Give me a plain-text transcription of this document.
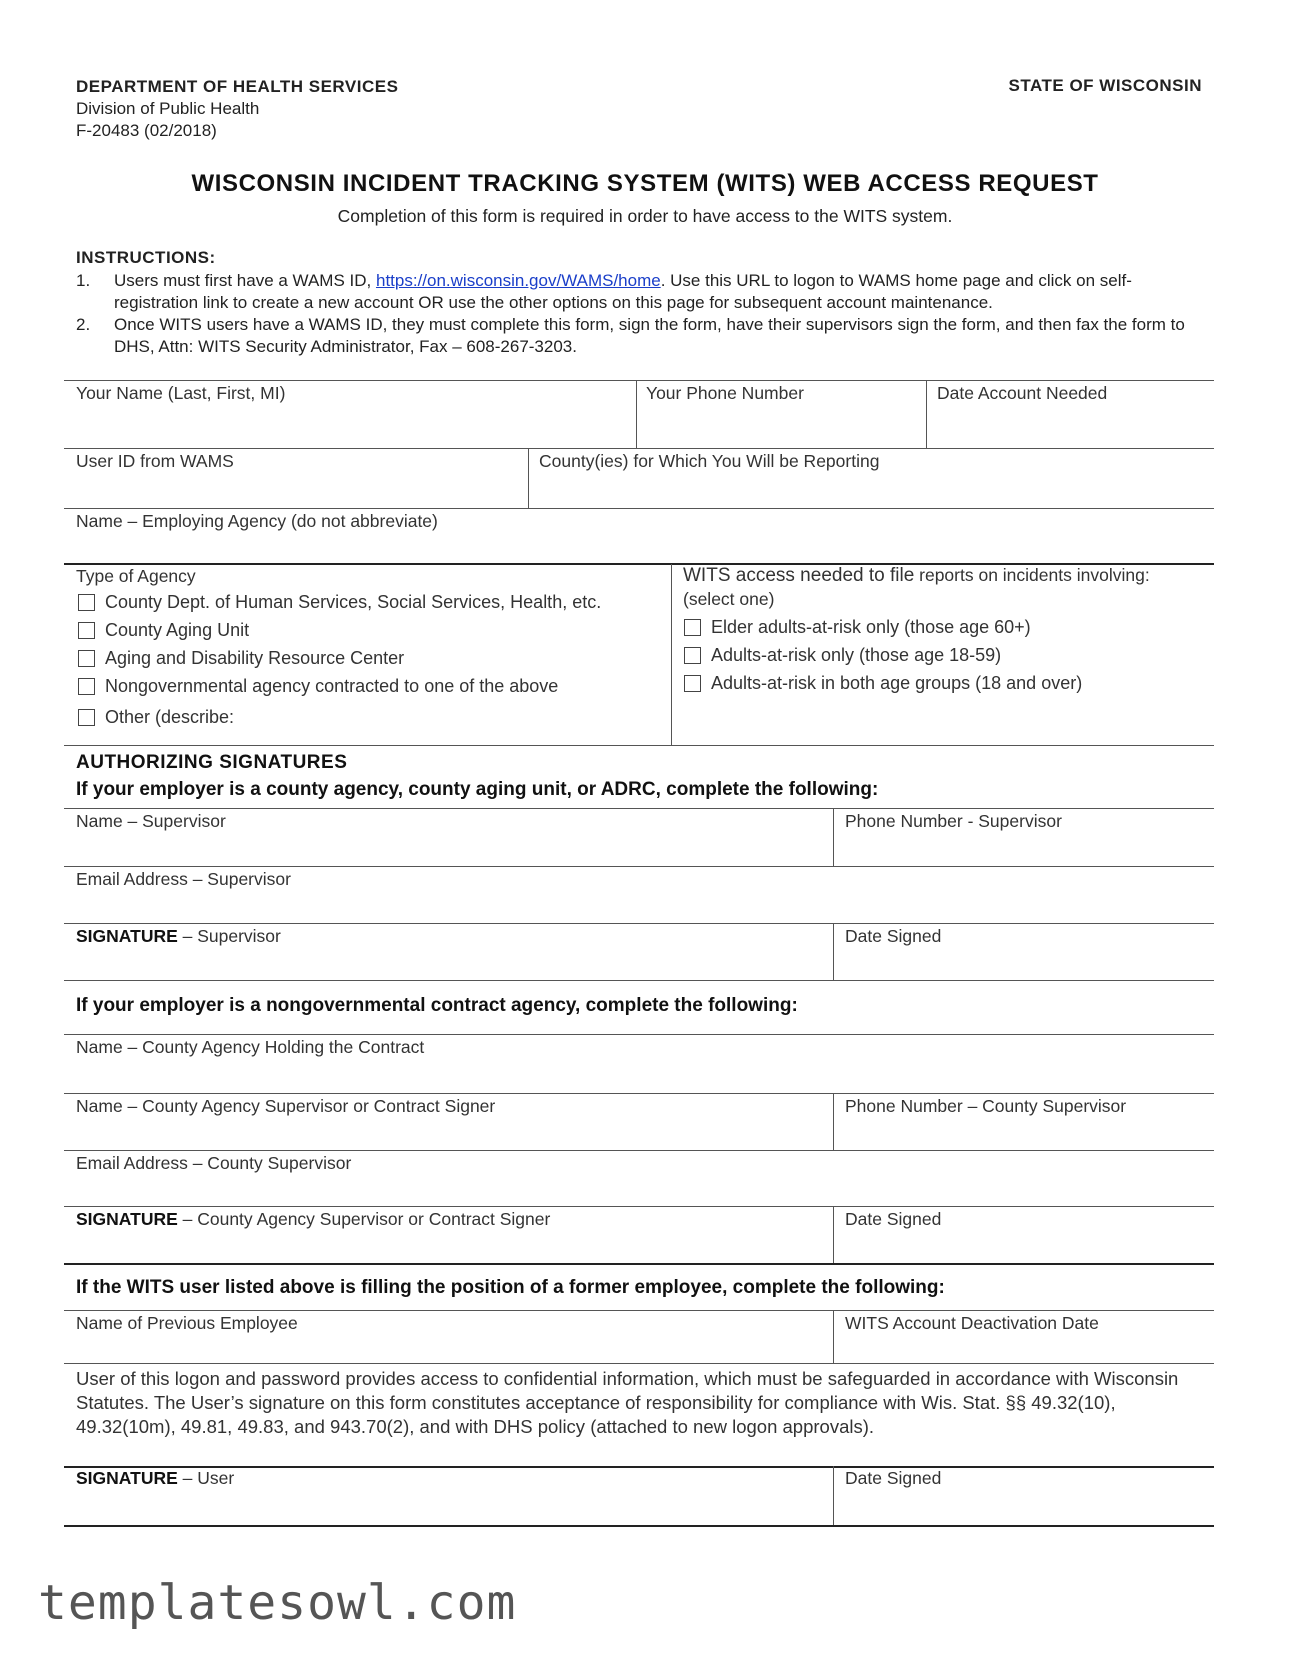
DEPARTMENT OF HEALTH SERVICES
Division of Public Health
F-20483 (02/2018)
STATE OF WISCONSIN
WISCONSIN INCIDENT TRACKING SYSTEM (WITS) WEB ACCESS REQUEST
Completion of this form is required in order to have access to the WITS system.
INSTRUCTIONS:
1.	Users must first have a WAMS ID, https://on.wisconsin.gov/WAMS/home. Use this URL to logon to WAMS home page and click on self-registration link to create a new account OR use the other options on this page for subsequent account maintenance.
2.	Once WITS users have a WAMS ID, they must complete this form, sign the form, have their supervisors sign the form, and then fax the form to DHS, Attn: WITS Security Administrator, Fax – 608-267-3203.
Your Name (Last, First, MI)	Your Phone Number	Date Account Needed
User ID from WAMS	County(ies) for Which You Will be Reporting
Name – Employing Agency (do not abbreviate)
Type of Agency
County Dept. of Human Services, Social Services, Health, etc.
County Aging Unit
Aging and Disability Resource Center
Nongovernmental agency contracted to one of the above
Other (describe:
WITS access needed to file reports on incidents involving:
(select one)
Elder adults-at-risk only (those age 60+)
Adults-at-risk only (those age 18-59)
Adults-at-risk in both age groups (18 and over)
AUTHORIZING SIGNATURES
If your employer is a county agency, county aging unit, or ADRC, complete the following:
Name – Supervisor	Phone Number - Supervisor
Email Address – Supervisor
SIGNATURE – Supervisor	Date Signed
If your employer is a nongovernmental contract agency, complete the following:
Name – County Agency Holding the Contract
Name – County Agency Supervisor or Contract Signer	Phone Number – County Supervisor
Email Address – County Supervisor
SIGNATURE – County Agency Supervisor or Contract Signer	Date Signed
If the WITS user listed above is filling the position of a former employee, complete the following:
Name of Previous Employee	WITS Account Deactivation Date
User of this logon and password provides access to confidential information, which must be safeguarded in accordance with Wisconsin Statutes. The User’s signature on this form constitutes acceptance of responsibility for compliance with Wis. Stat. §§ 49.32(10), 49.32(10m), 49.81, 49.83, and 943.70(2), and with DHS policy (attached to new logon approvals).
SIGNATURE – User	Date Signed
templatesowl.com
